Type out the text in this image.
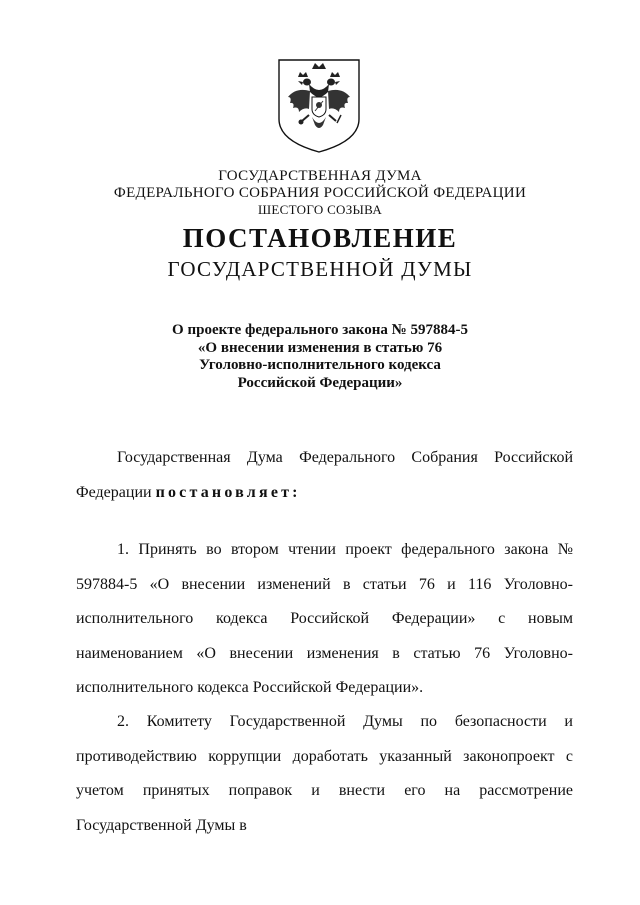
ГОСУДАРСТВЕННАЯ ДУМА
ФЕДЕРАЛЬНОГО СОБРАНИЯ РОССИЙСКОЙ ФЕДЕРАЦИИ
ШЕСТОГО СОЗЫВА
ПОСТАНОВЛЕНИЕ
ГОСУДАРСТВЕННОЙ ДУМЫ
О проекте федерального закона № 597884-5
«О внесении изменения в статью 76
Уголовно-исполнительного кодекса
Российской Федерации»
Государственная Дума Федерального Собрания Российской Федерации постановляет:
1. Принять во втором чтении проект федерального закона № 597884-5 «О внесении изменений в статьи 76 и 116 Уголовно-исполнительного кодекса Российской Федерации» с новым наименованием «О внесении изменения в статью 76 Уголовно-исполнительного кодекса Российской Федерации».
2. Комитету Государственной Думы по безопасности и противодействию коррупции доработать указанный законопроект с учетом принятых поправок и внести его на рассмотрение Государственной Думы в
